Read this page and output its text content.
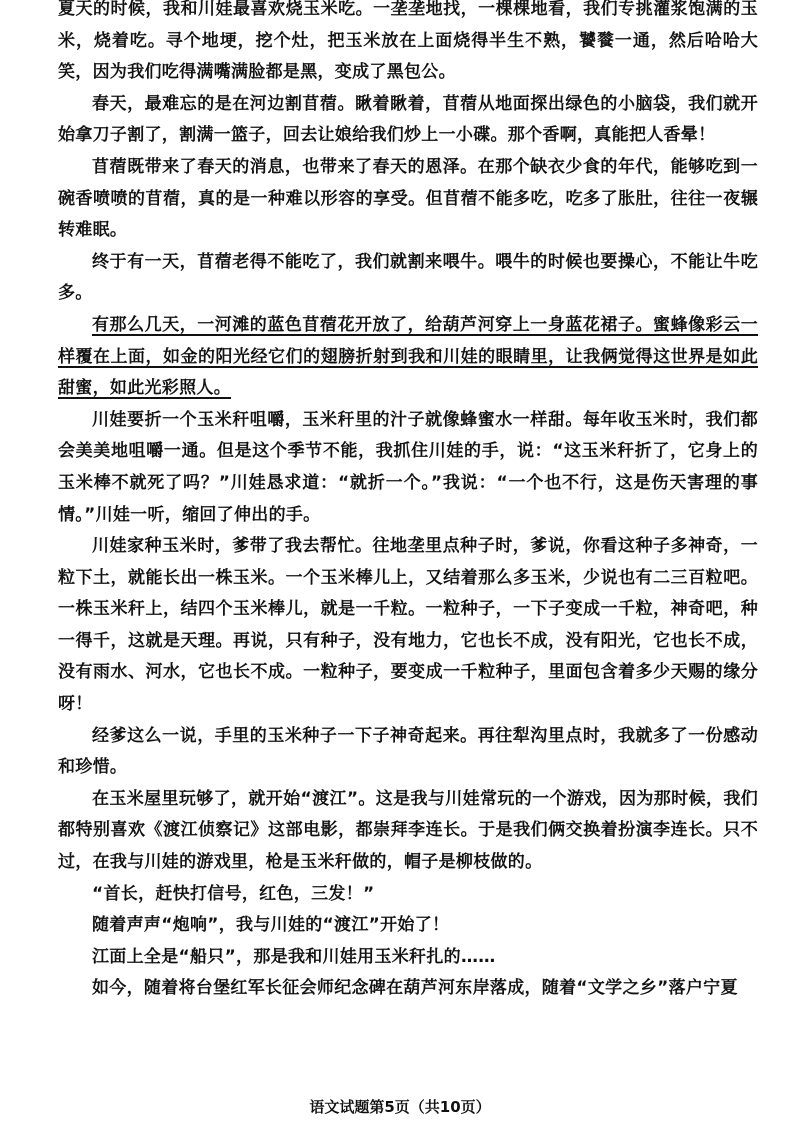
夏天的时候，我和川娃最喜欢烧玉米吃。一垄垄地找，一棵棵地看，我们专挑灌浆饱满的玉米，烧着吃。寻个地埂，挖个灶，把玉米放在上面烧得半生不熟，饕餮一通，然后哈哈大笑，因为我们吃得满嘴满脸都是黑，变成了黑包公。

春天，最难忘的是在河边割苜蓿。瞅着瞅着，苜蓿从地面探出绿色的小脑袋，我们就开始拿刀子割了，割满一篮子，回去让娘给我们炒上一小碟。那个香啊，真能把人香晕！

苜蓿既带来了春天的消息，也带来了春天的恩泽。在那个缺衣少食的年代，能够吃到一碗香喷喷的苜蓿，真的是一种难以形容的享受。但苜蓿不能多吃，吃多了胀肚，往往一夜辗转难眠。

终于有一天，苜蓿老得不能吃了，我们就割来喂牛。喂牛的时候也要操心，不能让牛吃多。

有那么几天，一河滩的蓝色苜蓿花开放了，给葫芦河穿上一身蓝花裙子。蜜蜂像彩云一样覆在上面，如金的阳光经它们的翅膀折射到我和川娃的眼睛里，让我俩觉得这世界是如此甜蜜，如此光彩照人。

川娃要折一个玉米秆咀嚼，玉米秆里的汁子就像蜂蜜水一样甜。每年收玉米时，我们都会美美地咀嚼一通。但是这个季节不能，我抓住川娃的手，说：“这玉米秆折了，它身上的玉米棒不就死了吗？”川娃恳求道：“就折一个。”我说：“一个也不行，这是伤天害理的事情。”川娃一听，缩回了伸出的手。

川娃家种玉米时，爹带了我去帮忙。往地垄里点种子时，爹说，你看这种子多神奇，一粒下土，就能长出一株玉米。一个玉米棒儿上，又结着那么多玉米，少说也有二三百粒吧。一株玉米秆上，结四个玉米棒儿，就是一千粒。一粒种子，一下子变成一千粒，神奇吧，种一得千，这就是天理。再说，只有种子，没有地力，它也长不成，没有阳光，它也长不成，没有雨水、河水，它也长不成。一粒种子，要变成一千粒种子，里面包含着多少天赐的缘分呀！

经爹这么一说，手里的玉米种子一下子神奇起来。再往犁沟里点时，我就多了一份感动和珍惜。

在玉米屋里玩够了，就开始“渡江”。这是我与川娃常玩的一个游戏，因为那时候，我们都特别喜欢《渡江侦察记》这部电影，都崇拜李连长。于是我们俩交换着扮演李连长。只不过，在我与川娃的游戏里，枪是玉米秆做的，帽子是柳枝做的。

“首长，赶快打信号，红色，三发！”

随着声声“炮响”，我与川娃的“渡江”开始了！

江面上全是“船只”，那是我和川娃用玉米秆扎的……

如今，随着将台堡红军长征会师纪念碑在葫芦河东岸落成，随着“文学之乡”落户宁夏

语文试题第5页（共10页）
